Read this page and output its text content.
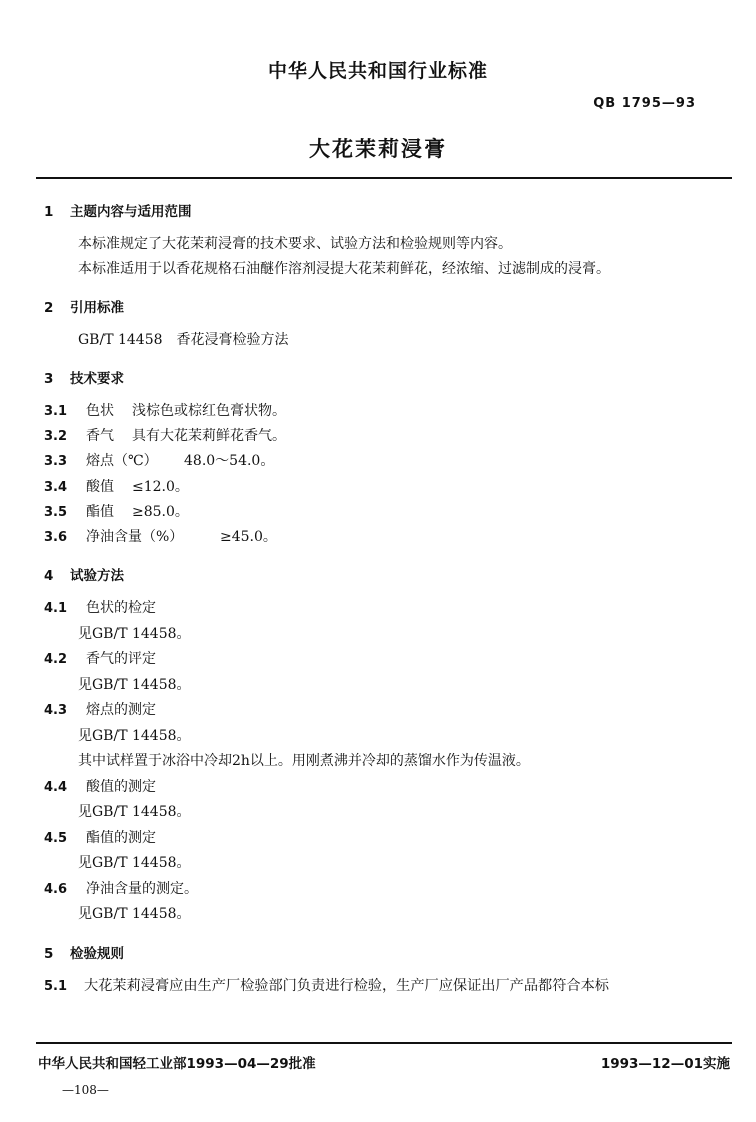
中华人民共和国行业标准
QB 1795—93
大花茉莉浸膏
1 主题内容与适用范围
本标准规定了大花茉莉浸膏的技术要求、试验方法和检验规则等内容。
本标准适用于以香花规格石油醚作溶剂浸提大花茉莉鲜花，经浓缩、过滤制成的浸膏。
2 引用标准
GB/T 14458　香花浸膏检验方法
3 技术要求
3.1 色状 浅棕色或棕红色膏状物。
3.2 香气 具有大花茉莉鲜花香气。
3.3 熔点（℃） 48.0～54.0。
3.4 酸值 ≤12.0。
3.5 酯值 ≥85.0。
3.6 净油含量（%）	≥45.0。
4 试验方法
4.1 色状的检定
见GB/T 14458。
4.2 香气的评定
见GB/T 14458。
4.3 熔点的测定
见GB/T 14458。
其中试样置于冰浴中冷却2h以上。用刚煮沸并冷却的蒸馏水作为传温液。
4.4 酸值的测定
见GB/T 14458。
4.5 酯值的测定
见GB/T 14458。
4.6 净油含量的测定。
见GB/T 14458。
5 检验规则
5.1 大花茉莉浸膏应由生产厂检验部门负责进行检验，生产厂应保证出厂产品都符合本标
中华人民共和国轻工业部1993—04—29批准	1993—12—01实施
—108—
